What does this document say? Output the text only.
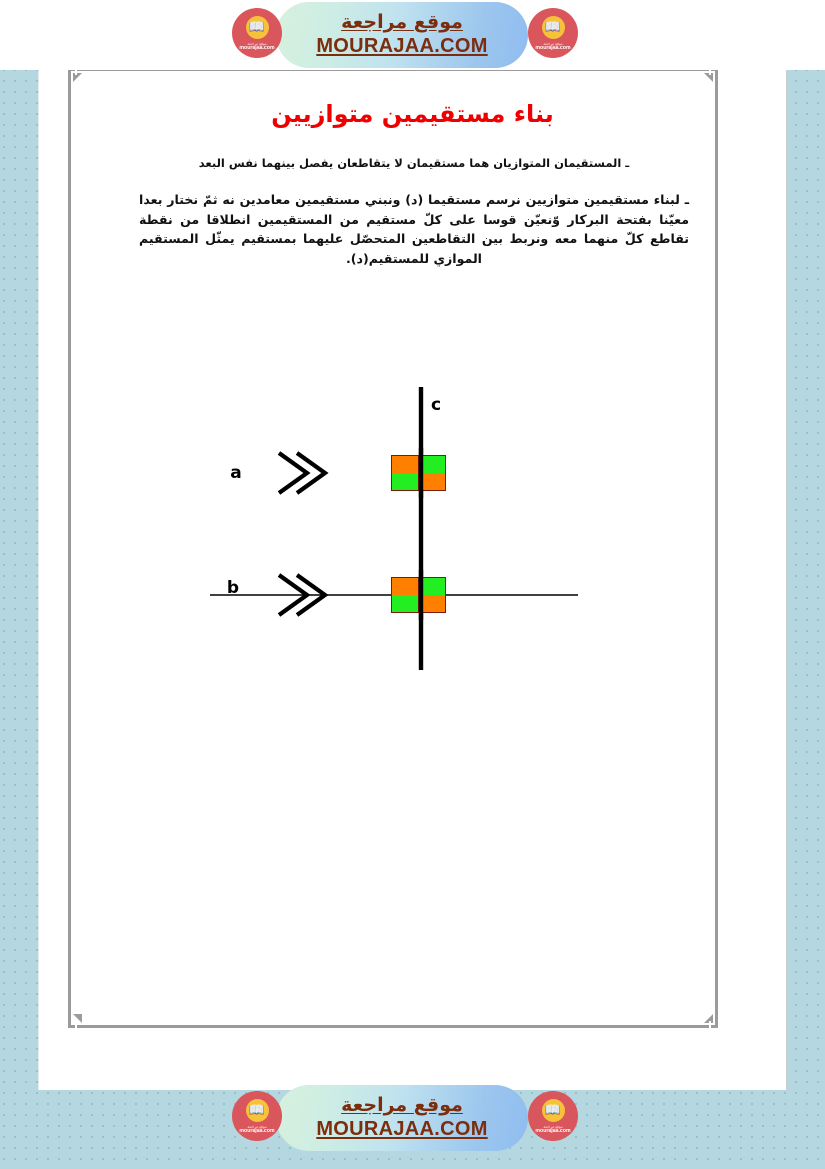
بناء مستقيمين متوازيين
ـ المستقيمان المتوازيان هما مستقيمان لا يتقاطعان يفصل بينهما نفس البعد
ـ لبناء مستقيمين متوازيين نرسم مستقيما (د) ونبني مستقيمين معامدين نه ثمّ نختار بعدا معيّنا بفتحة البركار وّنعيّن قوسا على كلّ مستقيم من المستقيمين انطلاقا من نقطة تقاطع كلّ منهما معه ونربط بين التقاطعين المتحصّل عليهما بمستقيم يمثّل المستقيم الموازي للمستقيم(د).
a
b
c
موقع مراجعة
MOURAJAA.COM
📖
موقع مراجعة
mourajaa.com
📖
موقع مراجعة
mourajaa.com
موقع مراجعة
MOURAJAA.COM
📖
موقع مراجعة
mourajaa.com
📖
موقع مراجعة
mourajaa.com
